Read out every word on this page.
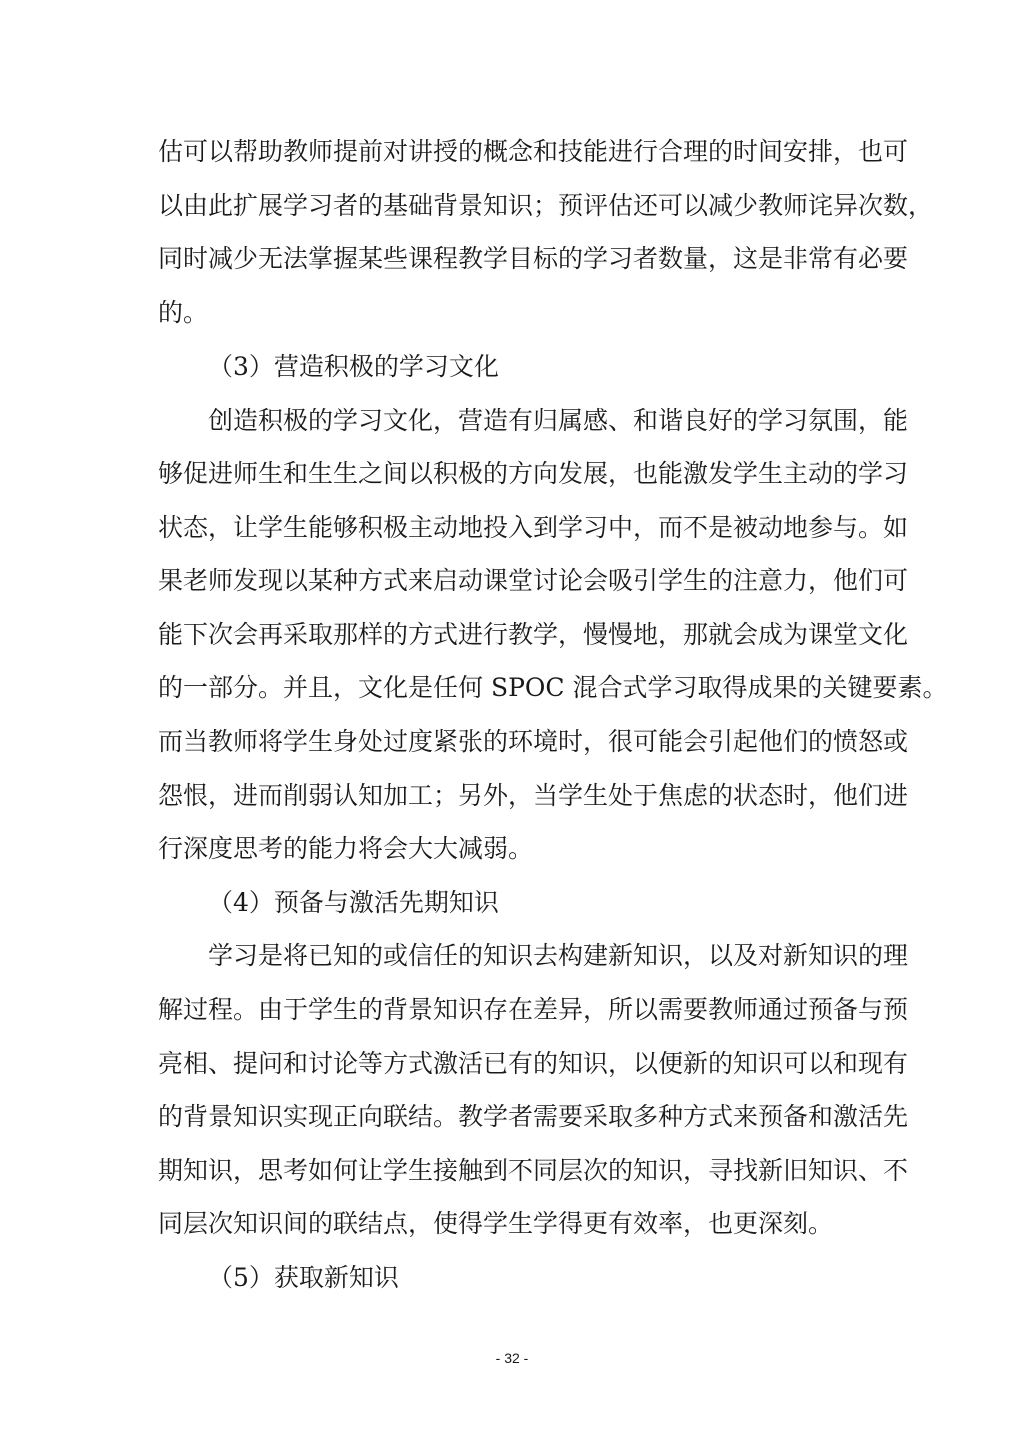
估可以帮助教师提前对讲授的概念和技能进行合理的时间安排，也可
以由此扩展学习者的基础背景知识；预评估还可以减少教师诧异次数，
同时减少无法掌握某些课程教学目标的学习者数量，这是非常有必要
的。
（3）营造积极的学习文化
创造积极的学习文化，营造有归属感、和谐良好的学习氛围，能
够促进师生和生生之间以积极的方向发展，也能激发学生主动的学习
状态，让学生能够积极主动地投入到学习中，而不是被动地参与。如
果老师发现以某种方式来启动课堂讨论会吸引学生的注意力，他们可
能下次会再采取那样的方式进行教学，慢慢地，那就会成为课堂文化
的一部分。并且，文化是任何 SPOC 混合式学习取得成果的关键要素。
而当教师将学生身处过度紧张的环境时，很可能会引起他们的愤怒或
怨恨，进而削弱认知加工；另外，当学生处于焦虑的状态时，他们进
行深度思考的能力将会大大减弱。
（4）预备与激活先期知识
学习是将已知的或信任的知识去构建新知识，以及对新知识的理
解过程。由于学生的背景知识存在差异，所以需要教师通过预备与预
亮相、提问和讨论等方式激活已有的知识，以便新的知识可以和现有
的背景知识实现正向联结。教学者需要采取多种方式来预备和激活先
期知识，思考如何让学生接触到不同层次的知识，寻找新旧知识、不
同层次知识间的联结点，使得学生学得更有效率，也更深刻。
（5）获取新知识
- 32 -
